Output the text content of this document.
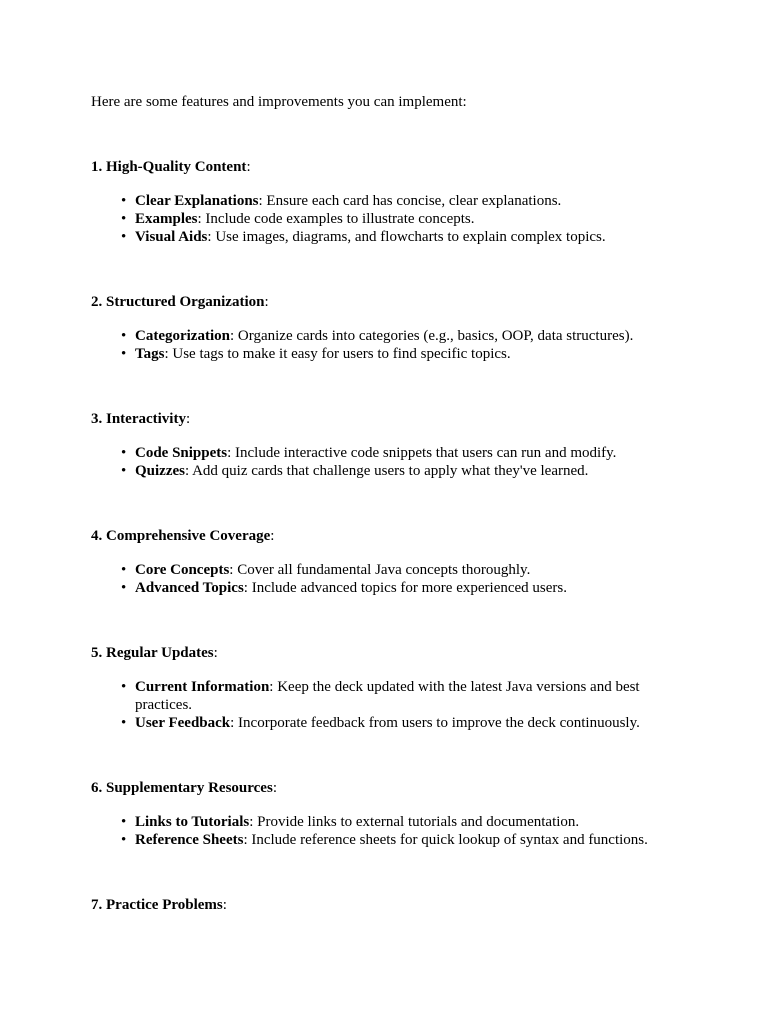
Here are some features and improvements you can implement:

1. High-Quality Content:

• Clear Explanations: Ensure each card has concise, clear explanations.
• Examples: Include code examples to illustrate concepts.
• Visual Aids: Use images, diagrams, and flowcharts to explain complex topics.

2. Structured Organization:

• Categorization: Organize cards into categories (e.g., basics, OOP, data structures).
• Tags: Use tags to make it easy for users to find specific topics.

3. Interactivity:

• Code Snippets: Include interactive code snippets that users can run and modify.
• Quizzes: Add quiz cards that challenge users to apply what they've learned.

4. Comprehensive Coverage:

• Core Concepts: Cover all fundamental Java concepts thoroughly.
• Advanced Topics: Include advanced topics for more experienced users.

5. Regular Updates:

• Current Information: Keep the deck updated with the latest Java versions and best practices.
• User Feedback: Incorporate feedback from users to improve the deck continuously.

6. Supplementary Resources:

• Links to Tutorials: Provide links to external tutorials and documentation.
• Reference Sheets: Include reference sheets for quick lookup of syntax and functions.

7. Practice Problems:
